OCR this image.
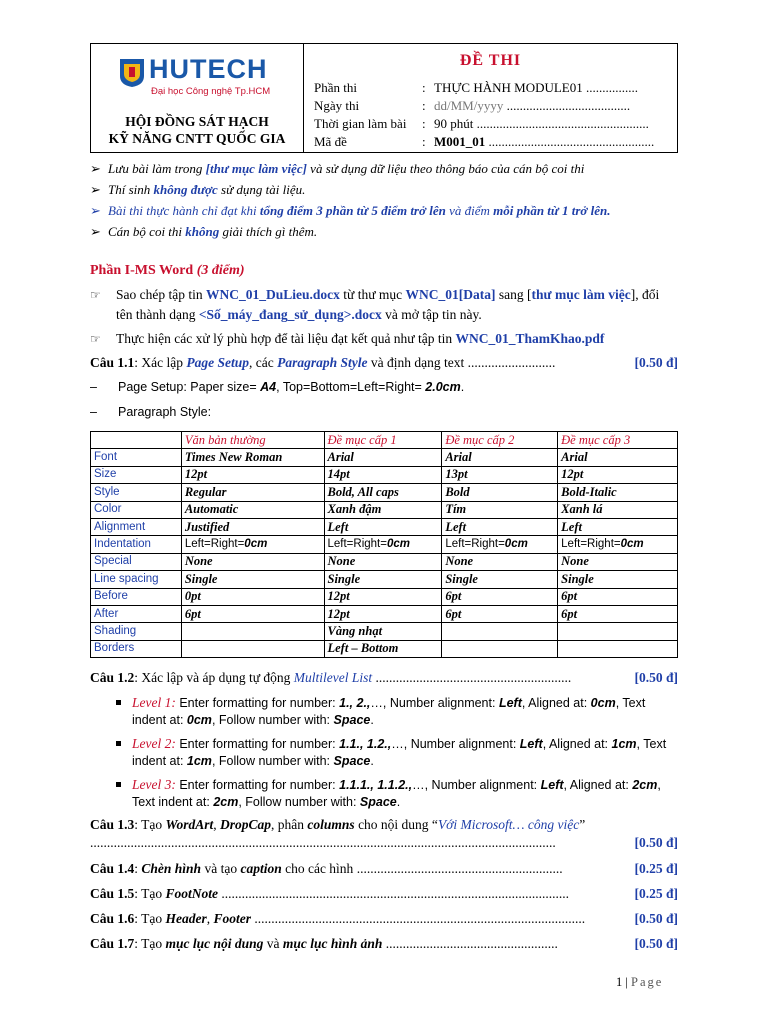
HUTECH
Đại học Công nghệ Tp.HCM
HỘI ĐỒNG SÁT HẠCH
KỸ NĂNG CNTT QUỐC GIA
ĐỀ THI
Phần thi	: THỰC HÀNH MODULE01 ................
Ngày thi	: dd/MM/yyyy ......................................
Thời gian làm bài : 90 phút .....................................................
Mã đề	: M001_01 ...................................................
➢ Lưu bài làm trong [thư mục làm việc] và sử dụng dữ liệu theo thông báo của cán bộ coi thi
➢ Thí sinh không được sử dụng tài liệu.
➢ Bài thi thực hành chỉ đạt khi tổng điểm 3 phần từ 5 điểm trở lên và điểm mỗi phần từ 1 trở lên.
➢ Cán bộ coi thi không giải thích gì thêm.
Phần I-MS Word (3 điểm)
☞ Sao chép tập tin WNC_01_DuLieu.docx từ thư mục WNC_01[Data] sang [thư mục làm việc], đổi tên thành dạng <Số_máy_đang_sử_dụng>.docx và mở tập tin này.
☞ Thực hiện các xử lý phù hợp để tài liệu đạt kết quả như tập tin WNC_01_ThamKhao.pdf
Câu 1.1: Xác lập Page Setup, các Paragraph Style và định dạng text ..........................	[0.50 đ]
– Page Setup: Paper size= A4, Top=Bottom=Left=Right= 2.0cm.
– Paragraph Style:
	Văn bản thường	Đề mục cấp 1	Đề mục cấp 2	Đề mục cấp 3
Font	Times New Roman	Arial	Arial	Arial
Size	12pt	14pt	13pt	12pt
Style	Regular	Bold, All caps	Bold	Bold-Italic
Color	Automatic	Xanh đậm	Tím	Xanh lá
Alignment	Justified	Left	Left	Left
Indentation	Left=Right=0cm	Left=Right=0cm	Left=Right=0cm	Left=Right=0cm
Special	None	None	None	None
Line spacing	Single	Single	Single	Single
Before	0pt	12pt	6pt	6pt
After	6pt	12pt	6pt	6pt
Shading		Vàng nhạt		
Borders		Left – Bottom		
Câu 1.2: Xác lập và áp dụng tự động Multilevel List ..........................................................	[0.50 đ]
Level 1: Enter formatting for number: 1., 2.,…, Number alignment: Left, Aligned at: 0cm, Text indent at: 0cm, Follow number with: Space.
Level 2: Enter formatting for number: 1.1., 1.2.,…, Number alignment: Left, Aligned at: 1cm, Text indent at: 1cm, Follow number with: Space.
Level 3: Enter formatting for number: 1.1.1., 1.1.2.,…, Number alignment: Left, Aligned at: 2cm, Text indent at: 2cm, Follow number with: Space.
Câu 1.3: Tạo WordArt, DropCap, phân columns cho nội dung “Với Microsoft… công việc”
..........................................................................................................................................	[0.50 đ]
Câu 1.4: Chèn hình và tạo caption cho các hình .............................................................	[0.25 đ]
Câu 1.5: Tạo FootNote .......................................................................................................	[0.25 đ]
Câu 1.6: Tạo Header, Footer ..................................................................................................	[0.50 đ]
Câu 1.7: Tạo mục lục nội dung và mục lục hình ảnh ...................................................	[0.50 đ]
1 | Page
